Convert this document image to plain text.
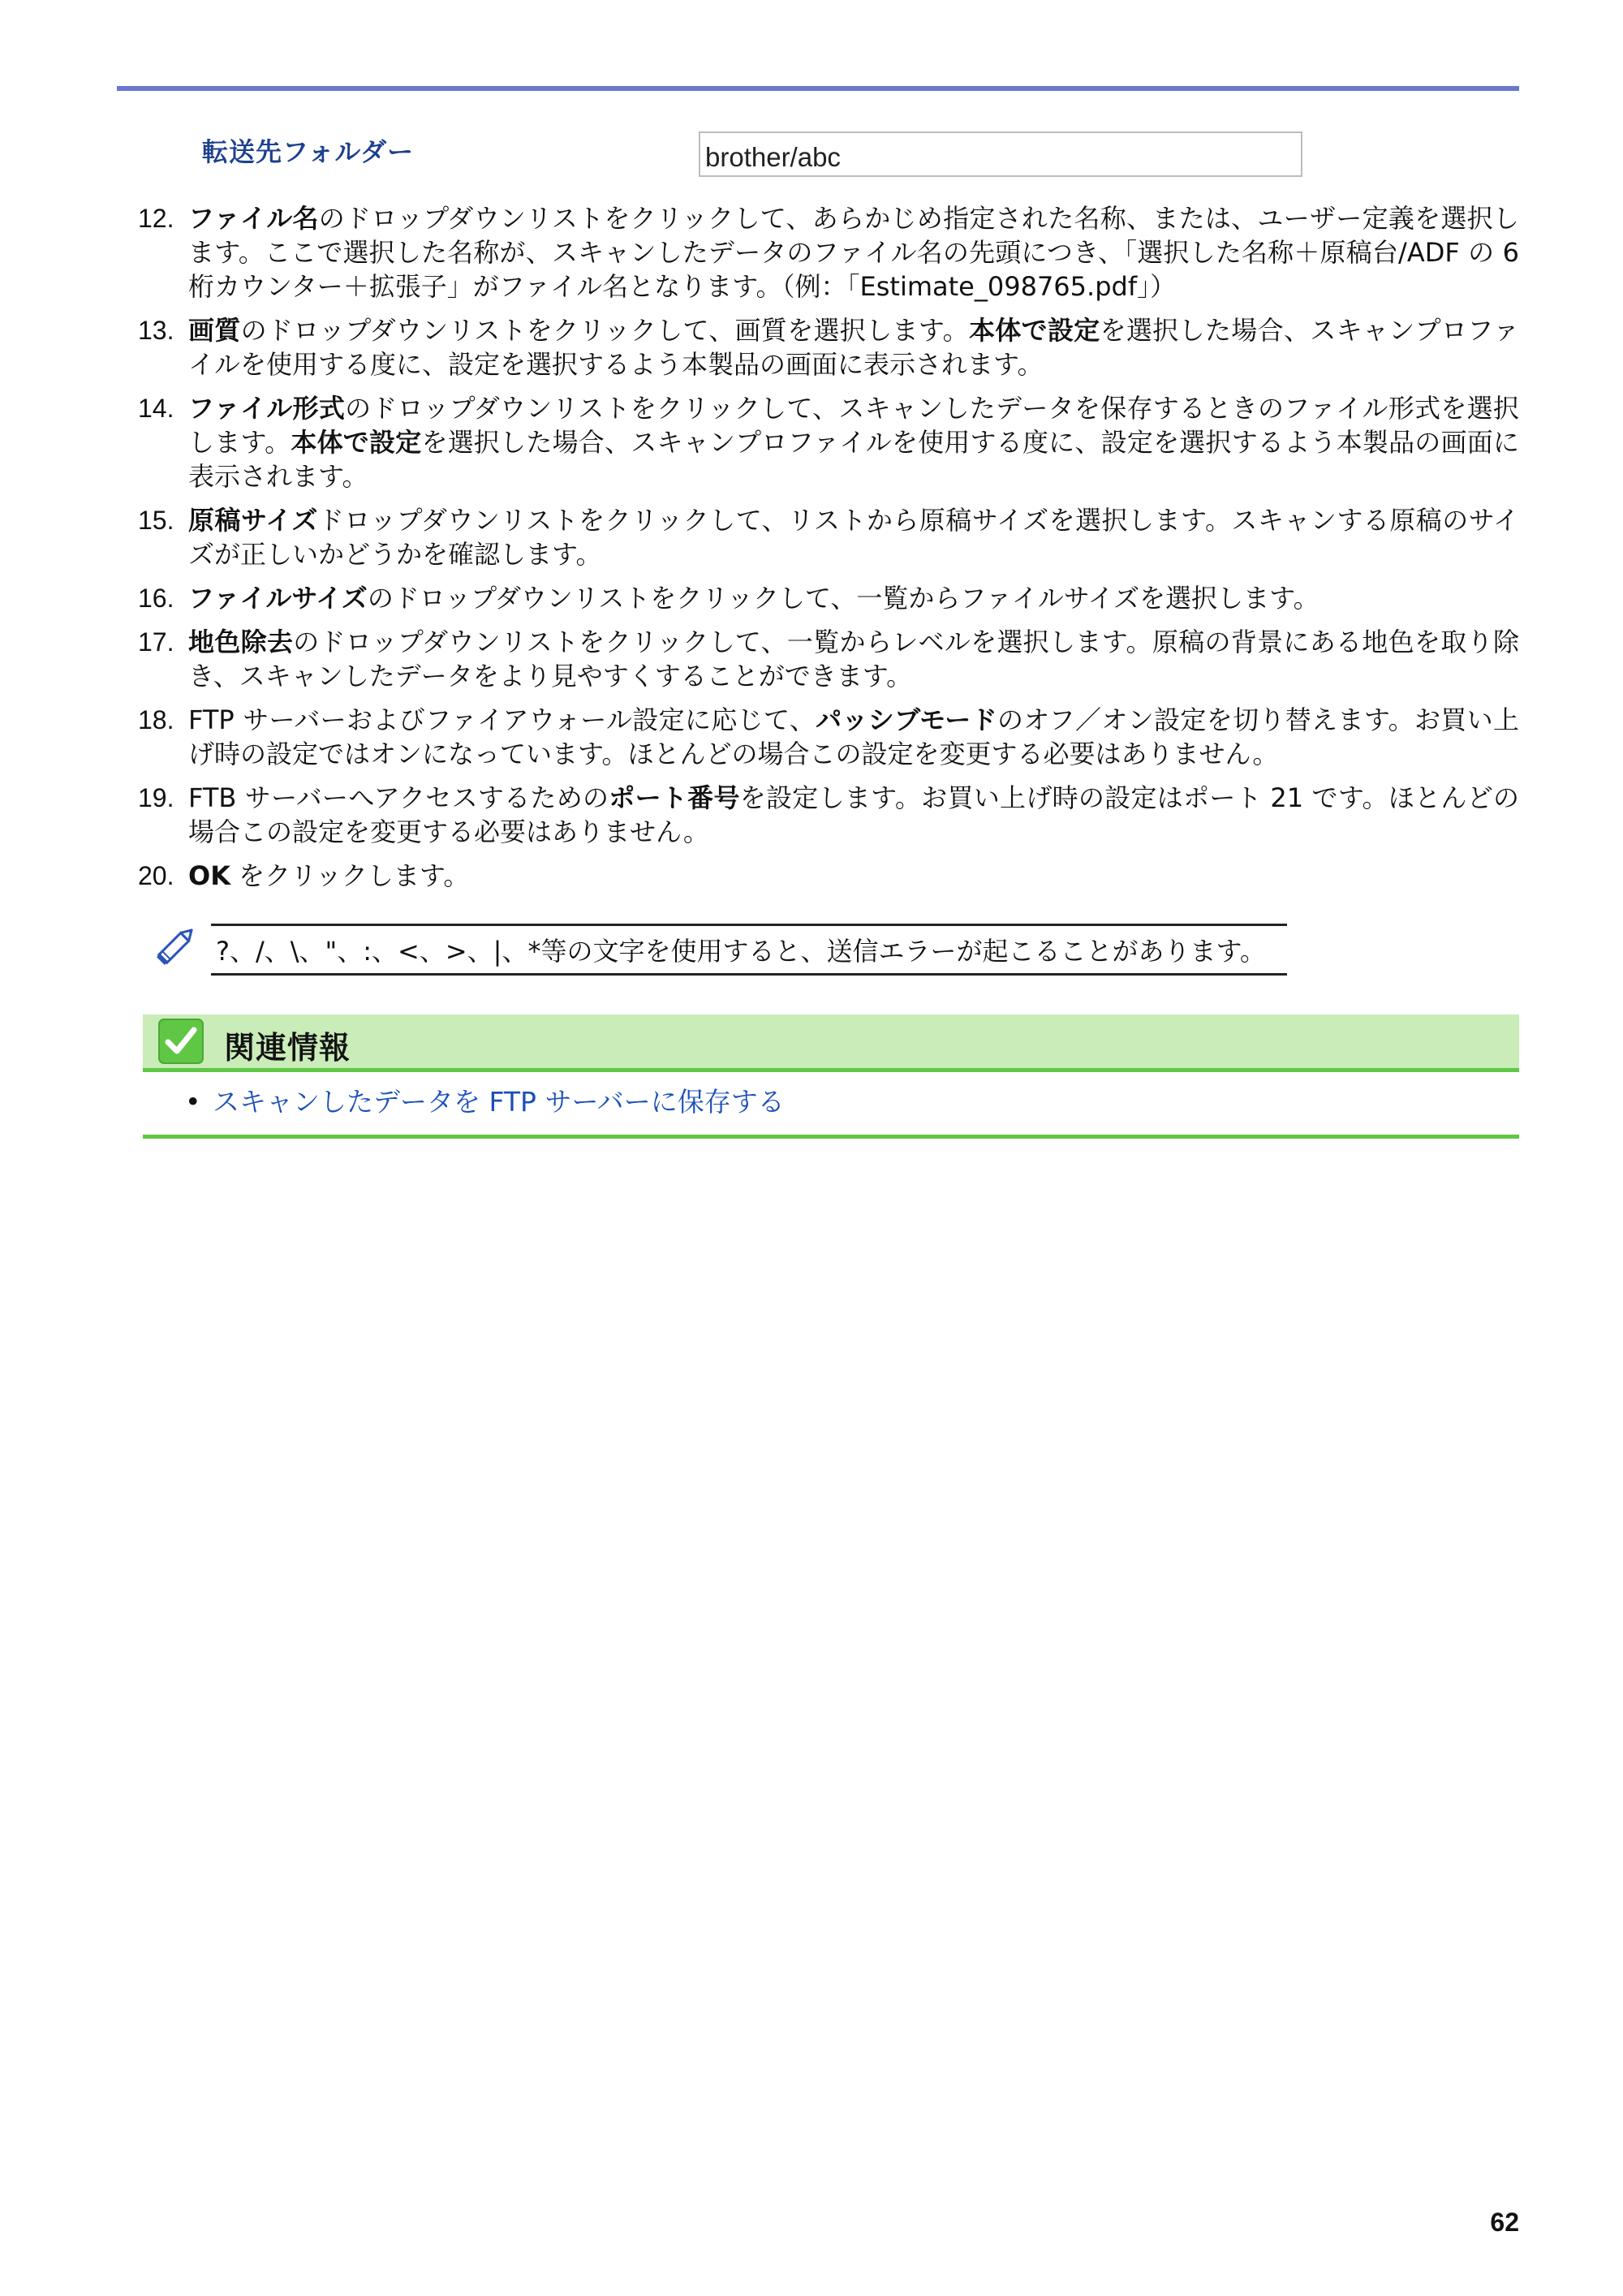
転送先フォルダー	brother/abc
12. ファイル名のドロップダウンリストをクリックして、あらかじめ指定された名称、または、ユーザー定義を選択します。ここで選択した名称が、スキャンしたデータのファイル名の先頭につき、「選択した名称＋原稿台/ADF の 6 桁カウンター＋拡張子」がファイル名となります。（例：「Estimate_098765.pdf」）
13. 画質のドロップダウンリストをクリックして、画質を選択します。本体で設定を選択した場合、スキャンプロファイルを使用する度に、設定を選択するよう本製品の画面に表示されます。
14. ファイル形式のドロップダウンリストをクリックして、スキャンしたデータを保存するときのファイル形式を選択します。本体で設定を選択した場合、スキャンプロファイルを使用する度に、設定を選択するよう本製品の画面に表示されます。
15. 原稿サイズドロップダウンリストをクリックして、リストから原稿サイズを選択します。スキャンする原稿のサイズが正しいかどうかを確認します。
16. ファイルサイズのドロップダウンリストをクリックして、一覧からファイルサイズを選択します。
17. 地色除去のドロップダウンリストをクリックして、一覧からレベルを選択します。原稿の背景にある地色を取り除き、スキャンしたデータをより見やすくすることができます。
18. FTP サーバーおよびファイアウォール設定に応じて、パッシブモードのオフ／オン設定を切り替えます。お買い上げ時の設定ではオンになっています。ほとんどの場合この設定を変更する必要はありません。
19. FTB サーバーへアクセスするためのポート番号を設定します。お買い上げ時の設定はポート 21 です。ほとんどの場合この設定を変更する必要はありません。
20. OK をクリックします。
?、/、\、"、:、<、>、|、*等の文字を使用すると、送信エラーが起こることがあります。
関連情報
• スキャンしたデータを FTP サーバーに保存する
62
